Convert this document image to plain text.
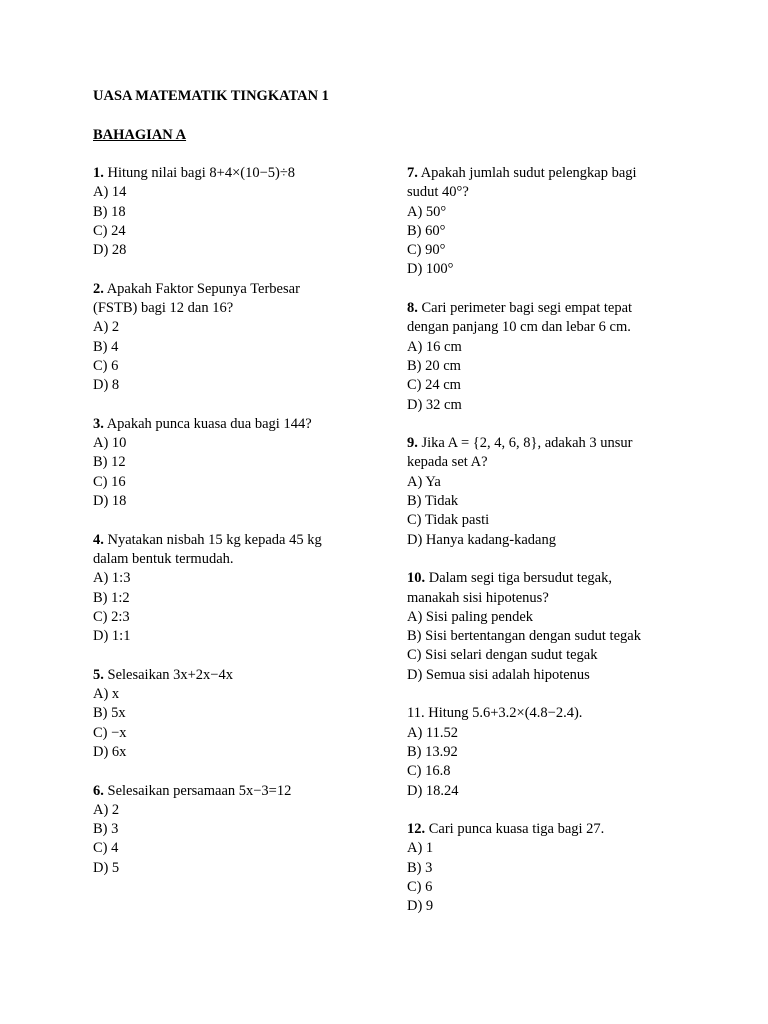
UASA MATEMATIK TINGKATAN 1
BAHAGIAN A
1. Hitung nilai bagi 8+4×(10−5)÷8
A) 14
B) 18
C) 24
D) 28
2. Apakah Faktor Sepunya Terbesar (FSTB) bagi 12 dan 16?
A) 2
B) 4
C) 6
D) 8
3. Apakah punca kuasa dua bagi 144?
A) 10
B) 12
C) 16
D) 18
4. Nyatakan nisbah 15 kg kepada 45 kg dalam bentuk termudah.
A) 1:3
B) 1:2
C) 2:3
D) 1:1
5. Selesaikan 3x+2x−4x
A) x
B) 5x
C) −x
D) 6x
6. Selesaikan persamaan 5x−3=12
A) 2
B) 3
C) 4
D) 5
7. Apakah jumlah sudut pelengkap bagi sudut 40°?
A) 50°
B) 60°
C) 90°
D) 100°
8. Cari perimeter bagi segi empat tepat dengan panjang 10 cm dan lebar 6 cm.
A) 16 cm
B) 20 cm
C) 24 cm
D) 32 cm
9. Jika A = {2, 4, 6, 8}, adakah 3 unsur kepada set A?
A) Ya
B) Tidak
C) Tidak pasti
D) Hanya kadang-kadang
10. Dalam segi tiga bersudut tegak, manakah sisi hipotenus?
A) Sisi paling pendek
B) Sisi bertentangan dengan sudut tegak
C) Sisi selari dengan sudut tegak
D) Semua sisi adalah hipotenus
11. Hitung 5.6+3.2×(4.8−2.4).
A) 11.52
B) 13.92
C) 16.8
D) 18.24
12. Cari punca kuasa tiga bagi 27.
A) 1
B) 3
C) 6
D) 9
